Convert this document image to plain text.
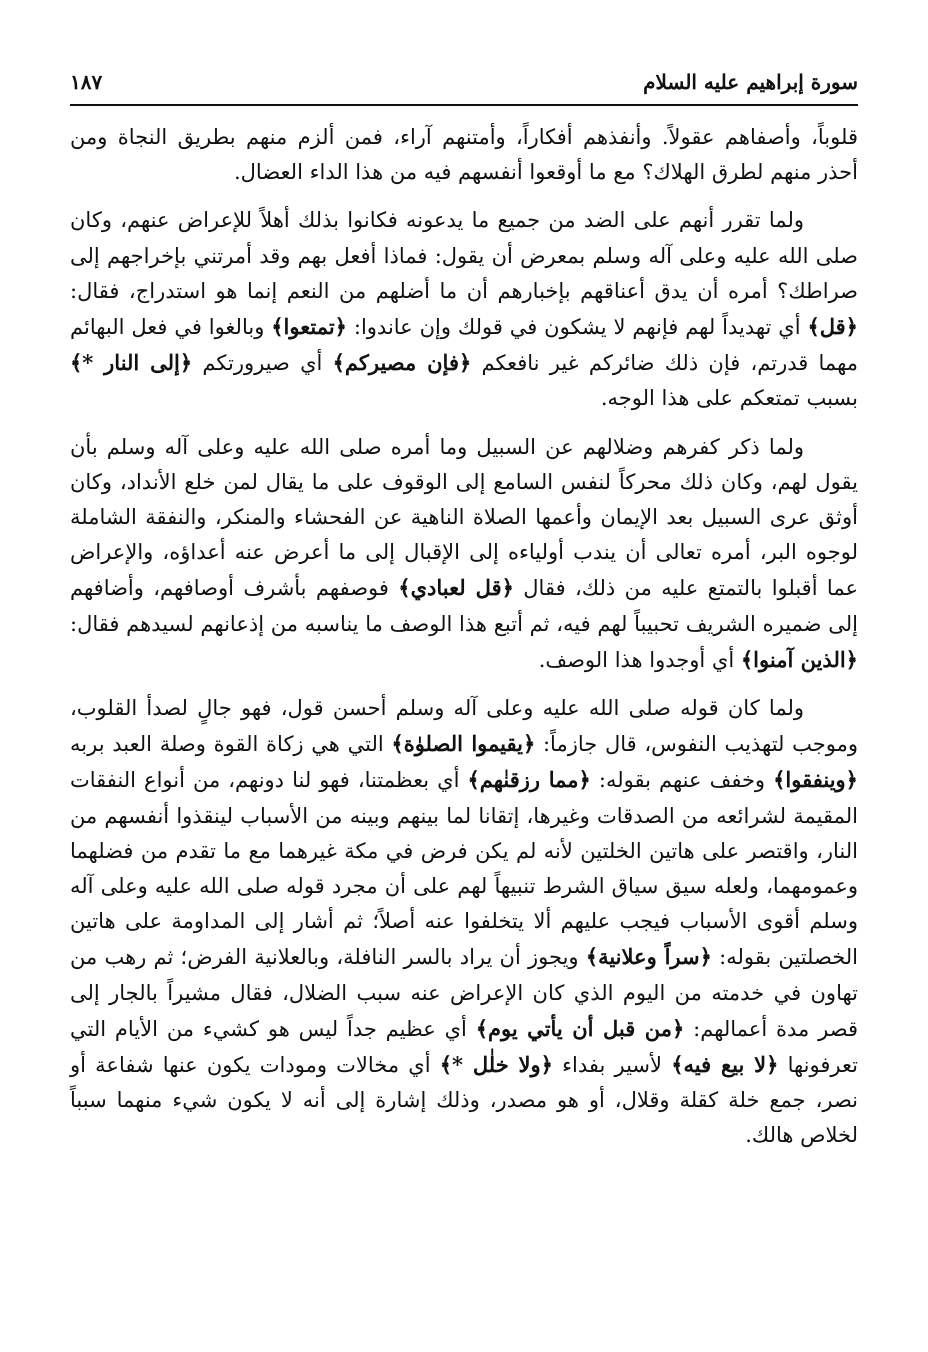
سورة إبراهيم عليه السلام
١٨٧

قلوباً، وأصفاهم عقولاً. وأنفذهم أفكاراً، وأمتنهم آراء، فمن ألزم منهم بطريق النجاة ومن أحذر منهم لطرق الهلاك؟ مع ما أوقعوا أنفسهم فيه من هذا الداء العضال.

ولما تقرر أنهم على الضد من جميع ما يدعونه فكانوا بذلك أهلاً للإعراض عنهم، وكان صلى الله عليه وعلى آله وسلم بمعرض أن يقول: فماذا أفعل بهم وقد أمرتني بإخراجهم إلى صراطك؟ أمره أن يدق أعناقهم بإخبارهم أن ما أضلهم من النعم إنما هو استدراج، فقال: ﴿قل﴾ أي تهديداً لهم فإنهم لا يشكون في قولك وإن عاندوا: ﴿تمتعوا﴾ وبالغوا في فعل البهائم مهما قدرتم، فإن ذلك ضائركم غير نافعكم ﴿فإن مصيركم﴾ أي صيرورتكم ﴿إلى النار *﴾ بسبب تمتعكم على هذا الوجه.

ولما ذكر كفرهم وضلالهم عن السبيل وما أمره صلى الله عليه وعلى آله وسلم بأن يقول لهم، وكان ذلك محركاً لنفس السامع إلى الوقوف على ما يقال لمن خلع الأنداد، وكان أوثق عرى السبيل بعد الإيمان وأعمها الصلاة الناهية عن الفحشاء والمنكر، والنفقة الشاملة لوجوه البر، أمره تعالى أن يندب أولياءه إلى الإقبال إلى ما أعرض عنه أعداؤه، والإعراض عما أقبلوا بالتمتع عليه من ذلك، فقال ﴿قل لعبادي﴾ فوصفهم بأشرف أوصافهم، وأضافهم إلى ضميره الشريف تحبيباً لهم فيه، ثم أتبع هذا الوصف ما يناسبه من إذعانهم لسيدهم فقال: ﴿الذين آمنوا﴾ أي أوجدوا هذا الوصف.

ولما كان قوله صلى الله عليه وعلى آله وسلم أحسن قول، فهو جالٍ لصدأ القلوب، وموجب لتهذيب النفوس، قال جازماً: ﴿يقيموا الصلوٰة﴾ التي هي زكاة القوة وصلة العبد بربه ﴿وينفقوا﴾ وخفف عنهم بقوله: ﴿مما رزقنٰهم﴾ أي بعظمتنا، فهو لنا دونهم، من أنواع النفقات المقيمة لشرائعه من الصدقات وغيرها، إتقانا لما بينهم وبينه من الأسباب لينقذوا أنفسهم من النار، واقتصر على هاتين الخلتين لأنه لم يكن فرض في مكة غيرهما مع ما تقدم من فضلهما وعمومهما، ولعله سيق سياق الشرط تنبيهاً لهم على أن مجرد قوله صلى الله عليه وعلى آله وسلم أقوى الأسباب فيجب عليهم ألا يتخلفوا عنه أصلاً؛ ثم أشار إلى المداومة على هاتين الخصلتين بقوله: ﴿سراً وعلانية﴾ ويجوز أن يراد بالسر النافلة، وبالعلانية الفرض؛ ثم رهب من تهاون في خدمته من اليوم الذي كان الإعراض عنه سبب الضلال، فقال مشيراً بالجار إلى قصر مدة أعمالهم: ﴿من قبل أن يأتي يوم﴾ أي عظيم جداً ليس هو كشيء من الأيام التي تعرفونها ﴿لا بيع فيه﴾ لأسير بفداء ﴿ولا خلٰل *﴾ أي مخالات ومودات يكون عنها شفاعة أو نصر، جمع خلة كقلة وقلال، أو هو مصدر، وذلك إشارة إلى أنه لا يكون شيء منهما سبباً لخلاص هالك.
